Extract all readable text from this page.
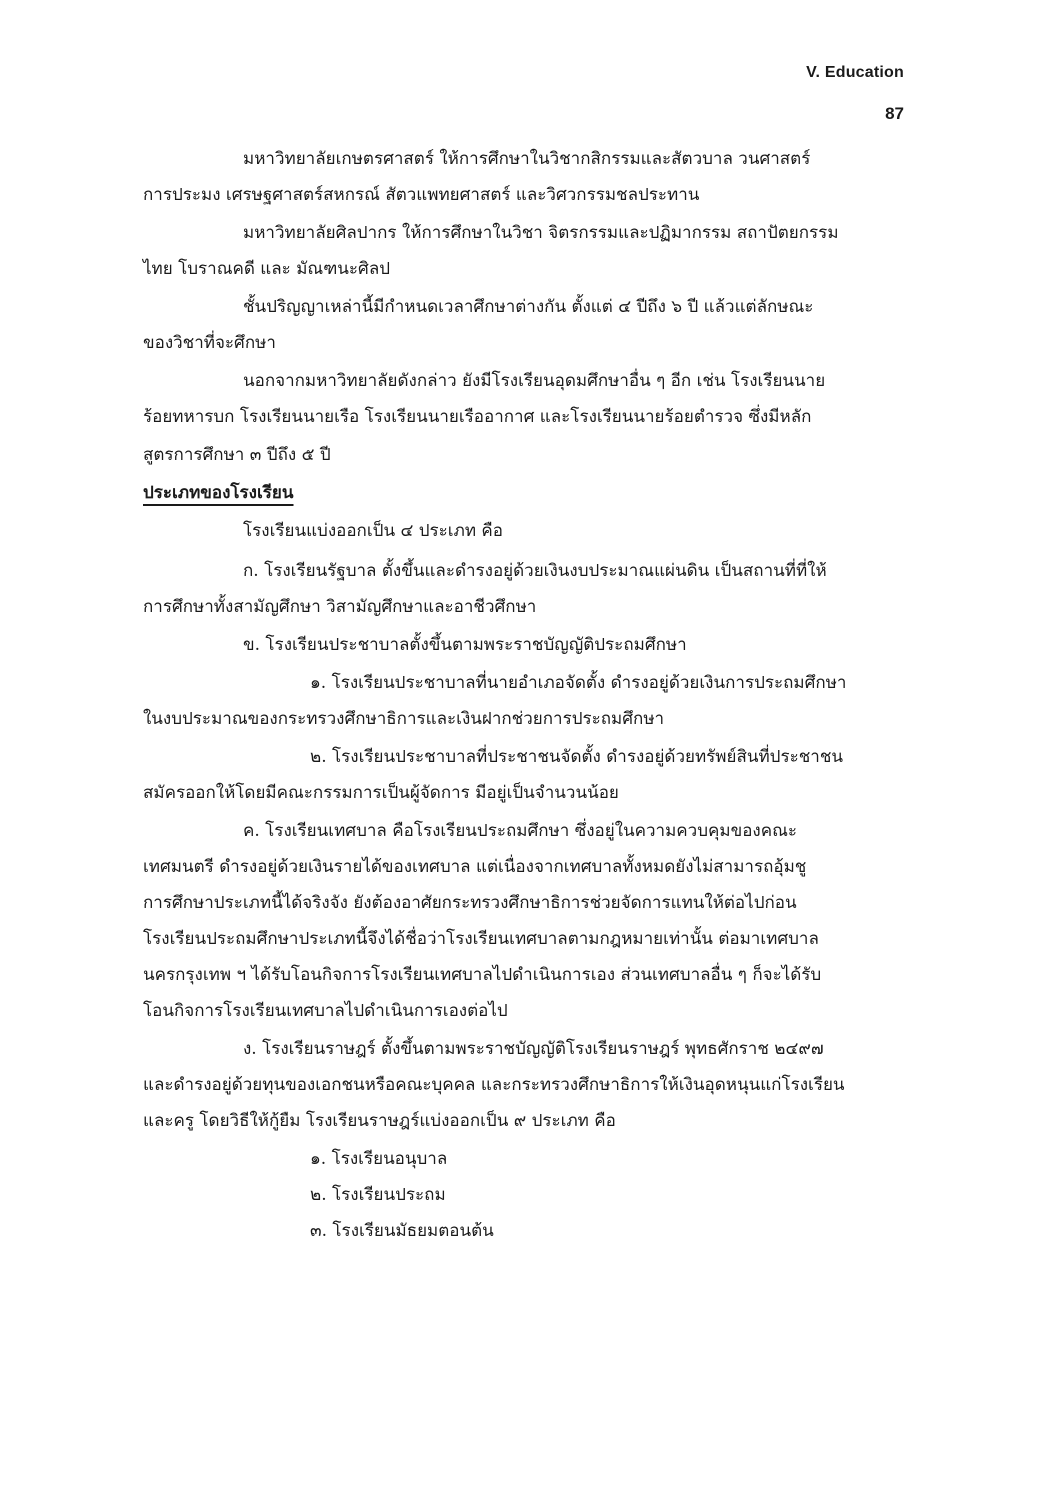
V. Education
87
มหาวิทยาลัยเกษตรศาสตร์ ให้การศึกษาในวิชากสิกรรมและสัตวบาล วนศาสตร์
การประมง เศรษฐศาสตร์สหกรณ์ สัตวแพทยศาสตร์ และวิศวกรรมชลประทาน
มหาวิทยาลัยศิลปากร ให้การศึกษาในวิชา จิตรกรรมและปฏิมากรรม สถาปัตยกรรม
ไทย โบราณคดี และ มัณฑนะศิลป
ชั้นปริญญาเหล่านี้มีกำหนดเวลาศึกษาต่างกัน ตั้งแต่ ๔ ปีถึง ๖ ปี แล้วแต่ลักษณะ
ของวิชาที่จะศึกษา
นอกจากมหาวิทยาลัยดังกล่าว ยังมีโรงเรียนอุดมศึกษาอื่น ๆ อีก เช่น โรงเรียนนาย
ร้อยทหารบก โรงเรียนนายเรือ โรงเรียนนายเรืออากาศ และโรงเรียนนายร้อยตำรวจ ซึ่งมีหลัก
สูตรการศึกษา ๓ ปีถึง ๕ ปี
ประเภทของโรงเรียน
โรงเรียนแบ่งออกเป็น ๔ ประเภท คือ
ก. โรงเรียนรัฐบาล ตั้งขึ้นและดำรงอยู่ด้วยเงินงบประมาณแผ่นดิน เป็นสถานที่ที่ให้
การศึกษาทั้งสามัญศึกษา วิสามัญศึกษาและอาชีวศึกษา
ข. โรงเรียนประชาบาลตั้งขึ้นตามพระราชบัญญัติประถมศึกษา
๑. โรงเรียนประชาบาลที่นายอำเภอจัดตั้ง ดำรงอยู่ด้วยเงินการประถมศึกษา
ในงบประมาณของกระทรวงศึกษาธิการและเงินฝากช่วยการประถมศึกษา
๒. โรงเรียนประชาบาลที่ประชาชนจัดตั้ง ดำรงอยู่ด้วยทรัพย์สินที่ประชาชน
สมัครออกให้โดยมีคณะกรรมการเป็นผู้จัดการ มีอยู่เป็นจำนวนน้อย
ค. โรงเรียนเทศบาล คือโรงเรียนประถมศึกษา ซึ่งอยู่ในความควบคุมของคณะ
เทศมนตรี ดำรงอยู่ด้วยเงินรายได้ของเทศบาล แต่เนื่องจากเทศบาลทั้งหมดยังไม่สามารถอุ้มชู
การศึกษาประเภทนี้ได้จริงจัง ยังต้องอาศัยกระทรวงศึกษาธิการช่วยจัดการแทนให้ต่อไปก่อน
โรงเรียนประถมศึกษาประเภทนี้จึงได้ชื่อว่าโรงเรียนเทศบาลตามกฎหมายเท่านั้น ต่อมาเทศบาล
นครกรุงเทพ ฯ ได้รับโอนกิจการโรงเรียนเทศบาลไปดำเนินการเอง ส่วนเทศบาลอื่น ๆ ก็จะได้รับ
โอนกิจการโรงเรียนเทศบาลไปดำเนินการเองต่อไป
ง. โรงเรียนราษฎร์ ตั้งขึ้นตามพระราชบัญญัติโรงเรียนราษฎร์ พุทธศักราช ๒๔๙๗
และดำรงอยู่ด้วยทุนของเอกชนหรือคณะบุคคล และกระทรวงศึกษาธิการให้เงินอุดหนุนแก่โรงเรียน
และครู โดยวิธีให้กู้ยืม โรงเรียนราษฎร์แบ่งออกเป็น ๙ ประเภท คือ
๑. โรงเรียนอนุบาล
๒. โรงเรียนประถม
๓. โรงเรียนมัธยมตอนต้น
